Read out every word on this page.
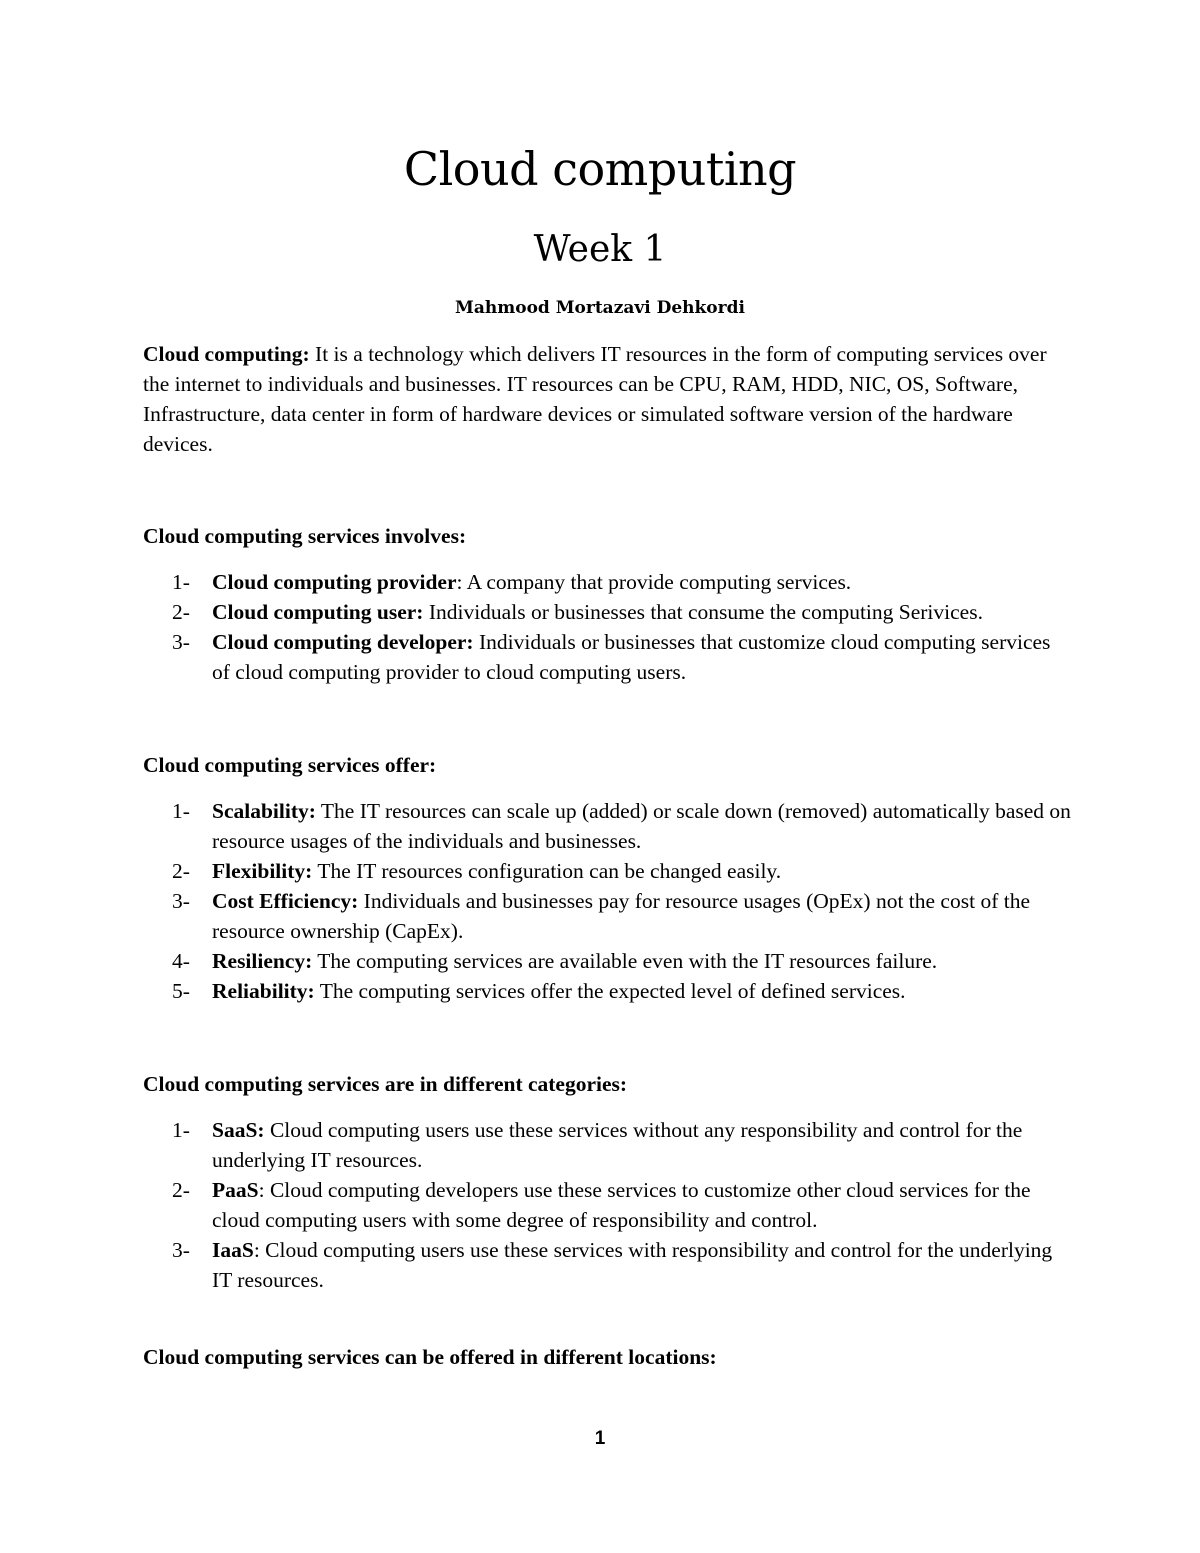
Cloud computing
Week 1
Mahmood Mortazavi Dehkordi
Cloud computing: It is a technology which delivers IT resources in the form of computing services over the internet to individuals and businesses. IT resources can be CPU, RAM, HDD, NIC, OS, Software, Infrastructure, data center in form of hardware devices or simulated software version of the hardware devices.
Cloud computing services involves:
1- Cloud computing provider: A company that provide computing services.
2- Cloud computing user: Individuals or businesses that consume the computing Serivices.
3- Cloud computing developer: Individuals or businesses that customize cloud computing services of cloud computing provider to cloud computing users.
Cloud computing services offer:
1- Scalability: The IT resources can scale up (added) or scale down (removed) automatically based on resource usages of the individuals and businesses.
2- Flexibility: The IT resources configuration can be changed easily.
3- Cost Efficiency: Individuals and businesses pay for resource usages (OpEx) not the cost of the resource ownership (CapEx).
4- Resiliency: The computing services are available even with the IT resources failure.
5- Reliability: The computing services offer the expected level of defined services.
Cloud computing services are in different categories:
1- SaaS: Cloud computing users use these services without any responsibility and control for the underlying IT resources.
2- PaaS: Cloud computing developers use these services to customize other cloud services for the cloud computing users with some degree of responsibility and control.
3- IaaS: Cloud computing users use these services with responsibility and control for the underlying IT resources.
Cloud computing services can be offered in different locations:
1
